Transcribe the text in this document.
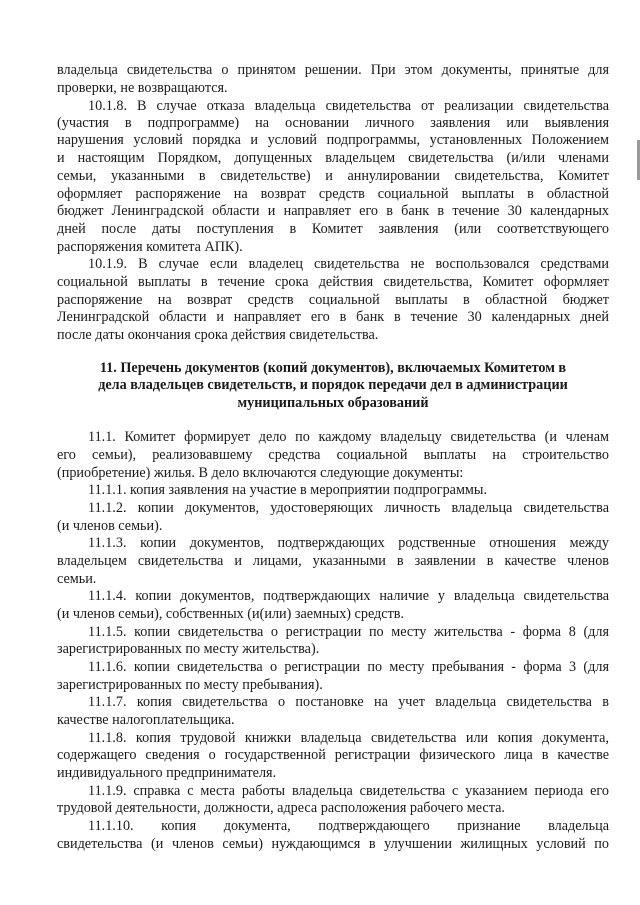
владельца свидетельства о принятом решении. При этом документы, принятые для
проверки, не возвращаются.
10.1.8. В случае отказа владельца свидетельства от реализации свидетельства
(участия в подпрограмме) на основании личного заявления или выявления
нарушения условий порядка и условий подпрограммы, установленных Положением
и настоящим Порядком, допущенных владельцем свидетельства (и/или членами
семьи, указанными в свидетельстве) и аннулировании свидетельства, Комитет
оформляет распоряжение на возврат средств социальной выплаты в областной
бюджет Ленинградской области и направляет его в банк в течение 30 календарных
дней после даты поступления в Комитет заявления (или соответствующего
распоряжения комитета АПК).
10.1.9. В случае если владелец свидетельства не воспользовался средствами
социальной выплаты в течение срока действия свидетельства, Комитет оформляет
распоряжение на возврат средств социальной выплаты в областной бюджет
Ленинградской области и направляет его в банк в течение 30 календарных дней
после даты окончания срока действия свидетельства.
11. Перечень документов (копий документов), включаемых Комитетом в
дела владельцев свидетельств, и порядок передачи дел в администрации
муниципальных образований
11.1. Комитет формирует дело по каждому владельцу свидетельства (и членам
его семьи), реализовавшему средства социальной выплаты на строительство
(приобретение) жилья. В дело включаются следующие документы:
11.1.1. копия заявления на участие в мероприятии подпрограммы.
11.1.2. копии документов, удостоверяющих личность владельца свидетельства
(и членов семьи).
11.1.3. копии документов, подтверждающих родственные отношения между
владельцем свидетельства и лицами, указанными в заявлении в качестве членов
семьи.
11.1.4. копии документов, подтверждающих наличие у владельца свидетельства
(и членов семьи), собственных (и(или) заемных) средств.
11.1.5. копии свидетельства о регистрации по месту жительства - форма 8 (для
зарегистрированных по месту жительства).
11.1.6. копии свидетельства о регистрации по месту пребывания - форма 3 (для
зарегистрированных по месту пребывания).
11.1.7. копия свидетельства о постановке на учет владельца свидетельства в
качестве налогоплательщика.
11.1.8. копия трудовой книжки владельца свидетельства или копия документа,
содержащего сведения о государственной регистрации физического лица в качестве
индивидуального предпринимателя.
11.1.9. справка с места работы владельца свидетельства с указанием периода его
трудовой деятельности, должности, адреса расположения рабочего места.
11.1.10. копия документа, подтверждающего признание владельца
свидетельства (и членов семьи) нуждающимся в улучшении жилищных условий по
